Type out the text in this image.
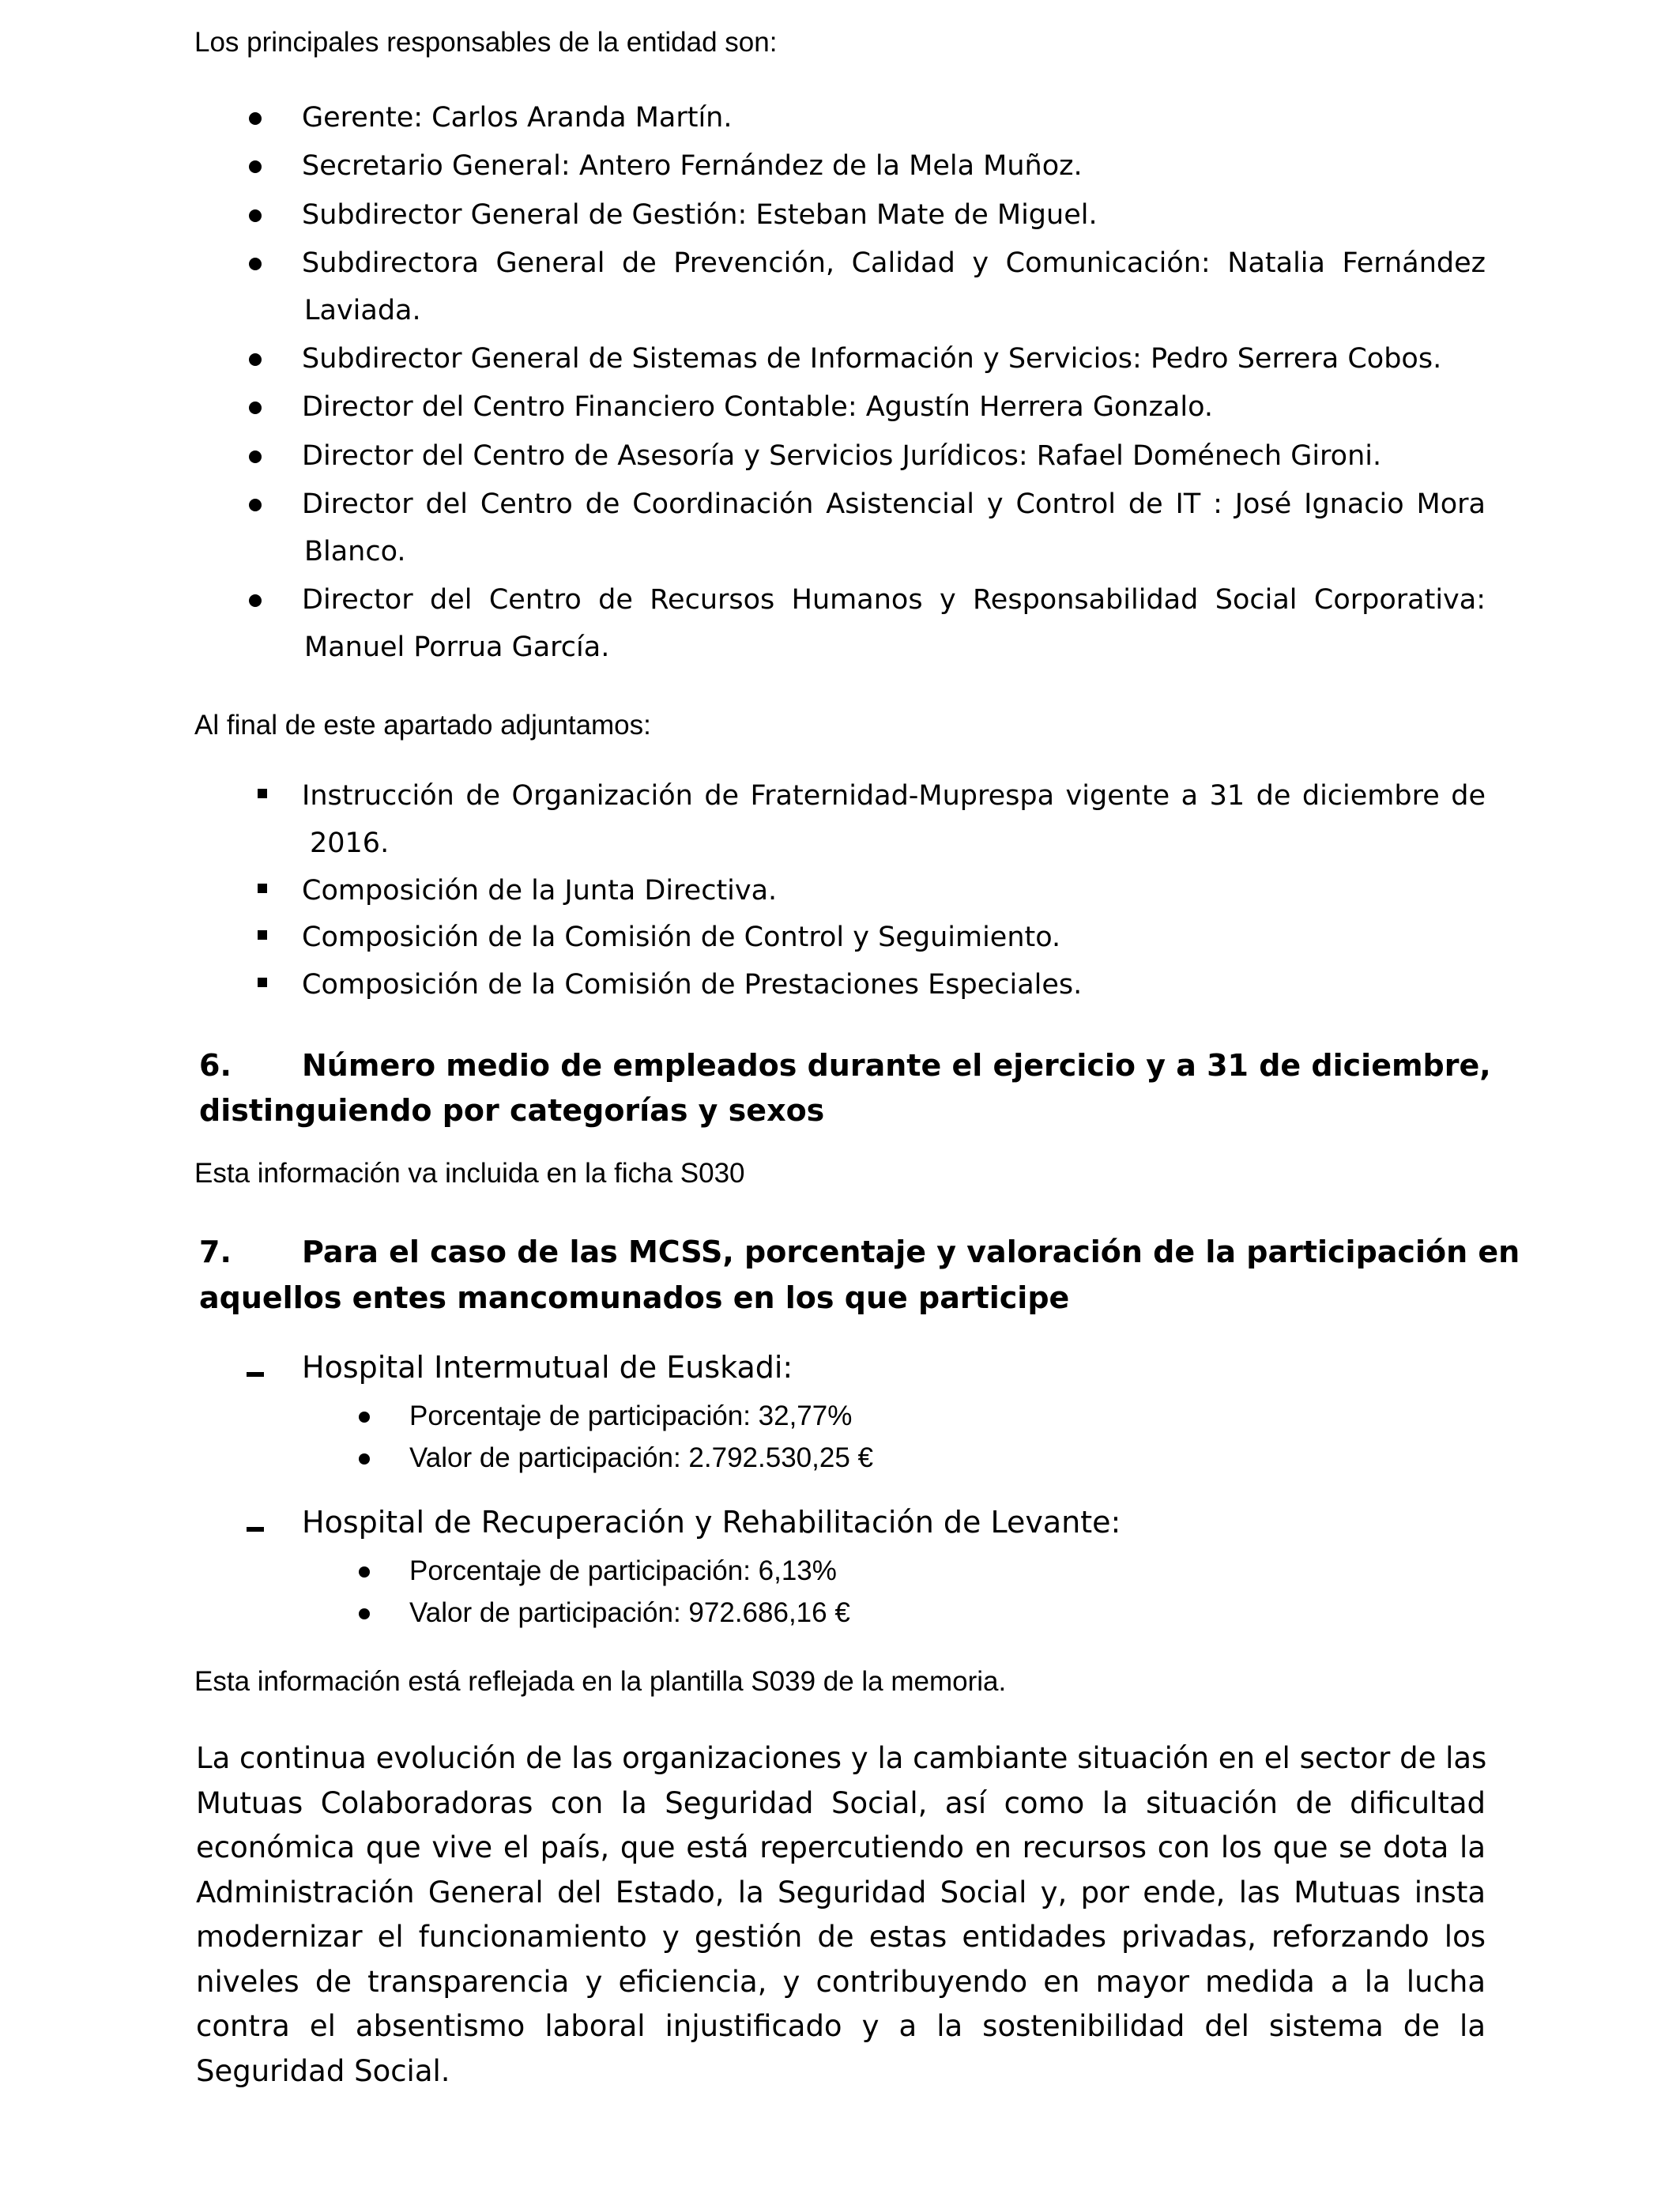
Los principales responsables de la entidad son:
Gerente: Carlos Aranda Martín.
Secretario General: Antero Fernández de la Mela Muñoz.
Subdirector General de Gestión: Esteban Mate de Miguel.
Subdirectora General de Prevención, Calidad y Comunicación: Natalia Fernández
Laviada.
Subdirector General de Sistemas de Información y Servicios: Pedro Serrera Cobos.
Director del Centro Financiero Contable: Agustín Herrera Gonzalo.
Director del Centro de Asesoría y Servicios Jurídicos: Rafael Doménech Gironi.
Director del Centro de Coordinación Asistencial y Control de IT : José Ignacio Mora
Blanco.
Director del Centro de Recursos Humanos y Responsabilidad Social Corporativa:
Manuel Porrua García.
Al final de este apartado adjuntamos:
Instrucción de Organización de Fraternidad-Muprespa vigente a 31 de diciembre de
2016.
Composición de la Junta Directiva.
Composición de la Comisión de Control y Seguimiento.
Composición de la Comisión de Prestaciones Especiales.
6. Número medio de empleados durante el ejercicio y a 31 de diciembre,
distinguiendo por categorías y sexos
Esta información va incluida en la ficha S030
7. Para el caso de las MCSS, porcentaje y valoración de la participación en
aquellos entes mancomunados en los que participe
Hospital Intermutual de Euskadi:
Porcentaje de participación: 32,77%
Valor de participación: 2.792.530,25 €
Hospital de Recuperación y Rehabilitación de Levante:
Porcentaje de participación: 6,13%
Valor de participación: 972.686,16 €
Esta información está reflejada en la plantilla S039 de la memoria.
La continua evolución de las organizaciones y la cambiante situación en el sector de las
Mutuas Colaboradoras con la Seguridad Social, así como la situación de dificultad
económica que vive el país, que está repercutiendo en recursos con los que se dota la
Administración General del Estado, la Seguridad Social y, por ende, las Mutuas insta
modernizar el funcionamiento y gestión de estas entidades privadas, reforzando los
niveles de transparencia y eficiencia, y contribuyendo en mayor medida a la lucha
contra el absentismo laboral injustificado y a la sostenibilidad del sistema de la
Seguridad Social.
